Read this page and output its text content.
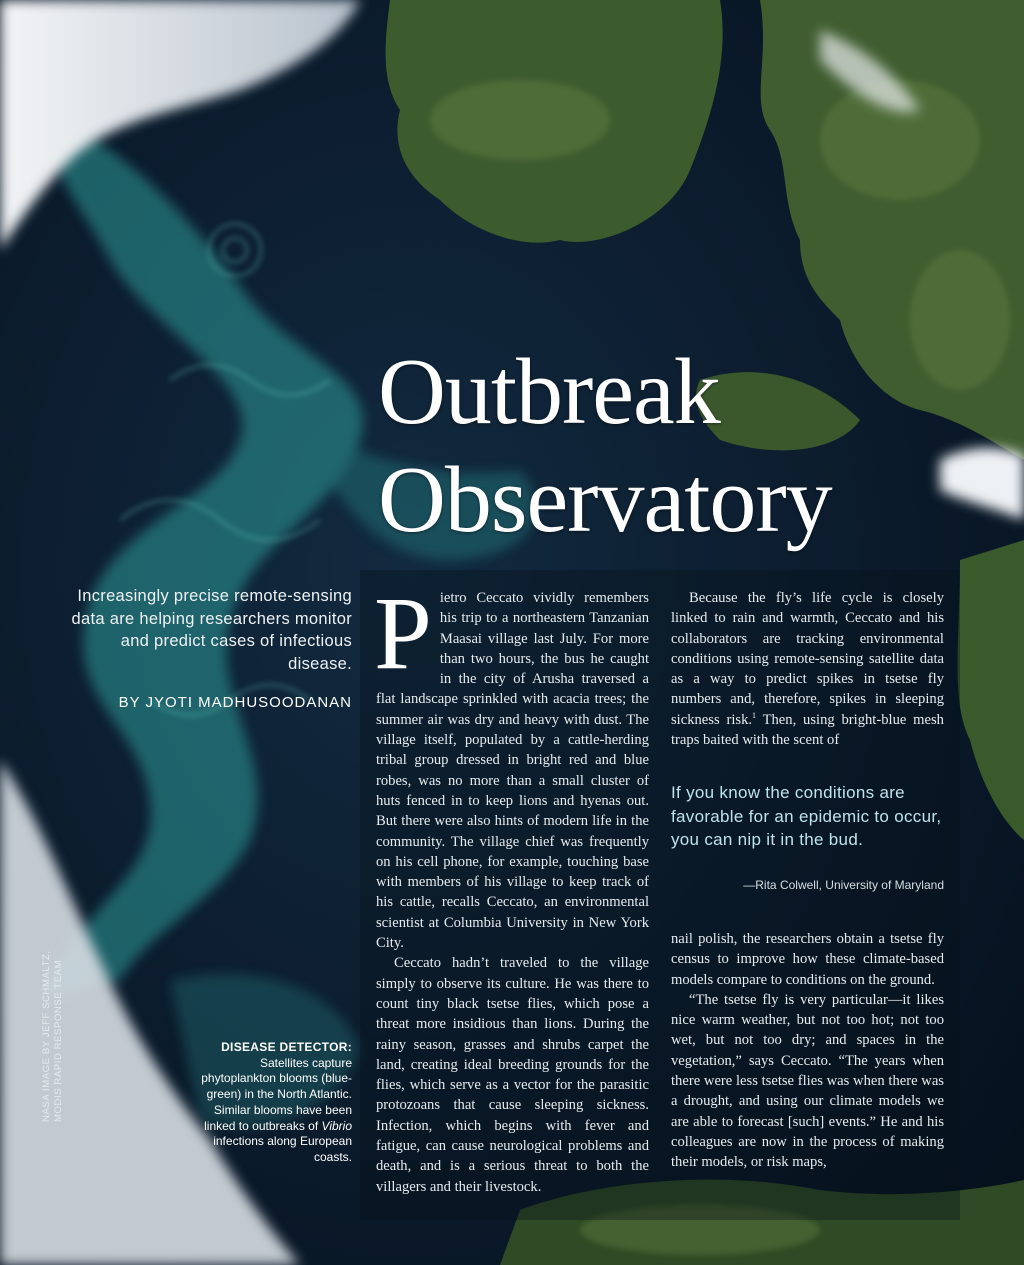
Outbreak
Observatory

Increasingly precise remote-sensing data are helping researchers monitor and predict cases of infectious disease.

BY JYOTI MADHUSOODANAN

Pietro Ceccato vividly remembers his trip to a northeastern Tanzanian Maasai village last July. For more than two hours, the bus he caught in the city of Arusha traversed a flat landscape sprinkled with acacia trees; the summer air was dry and heavy with dust. The village itself, populated by a cattle-herding tribal group dressed in bright red and blue robes, was no more than a small cluster of huts fenced in to keep lions and hyenas out. But there were also hints of modern life in the community. The village chief was frequently on his cell phone, for example, touching base with members of his village to keep track of his cattle, recalls Ceccato, an environmental scientist at Columbia University in New York City.

Ceccato hadn’t traveled to the village simply to observe its culture. He was there to count tiny black tsetse flies, which pose a threat more insidious than lions. During the rainy season, grasses and shrubs carpet the land, creating ideal breeding grounds for the flies, which serve as a vector for the parasitic protozoans that cause sleeping sickness. Infection, which begins with fever and fatigue, can cause neurological problems and death, and is a serious threat to both the villagers and their livestock.

Because the fly’s life cycle is closely linked to rain and warmth, Ceccato and his collaborators are tracking environmental conditions using remote-sensing satellite data as a way to predict spikes in tsetse fly numbers and, therefore, spikes in sleeping sickness risk.$^1$ Then, using bright-blue mesh traps baited with the scent of

If you know the conditions are favorable for an epidemic to occur, you can nip it in the bud.

—Rita Colwell, University of Maryland

nail polish, the researchers obtain a tsetse fly census to improve how these climate-based models compare to conditions on the ground.

“The tsetse fly is very particular—it likes nice warm weather, but not too hot; not too wet, but not too dry; and spaces in the vegetation,” says Ceccato. “The years when there were less tsetse flies was when there was a drought, and using our climate models we are able to forecast [such] events.” He and his colleagues are now in the process of making their models, or risk maps,

DISEASE DETECTOR:
Satellites capture phytoplankton blooms (blue-green) in the North Atlantic. Similar blooms have been linked to outbreaks of Vibrio infections along European coasts.
NASA IMAGE BY JEFF SCHMALTZ, MODIS RAPID RESPONSE TEAM
